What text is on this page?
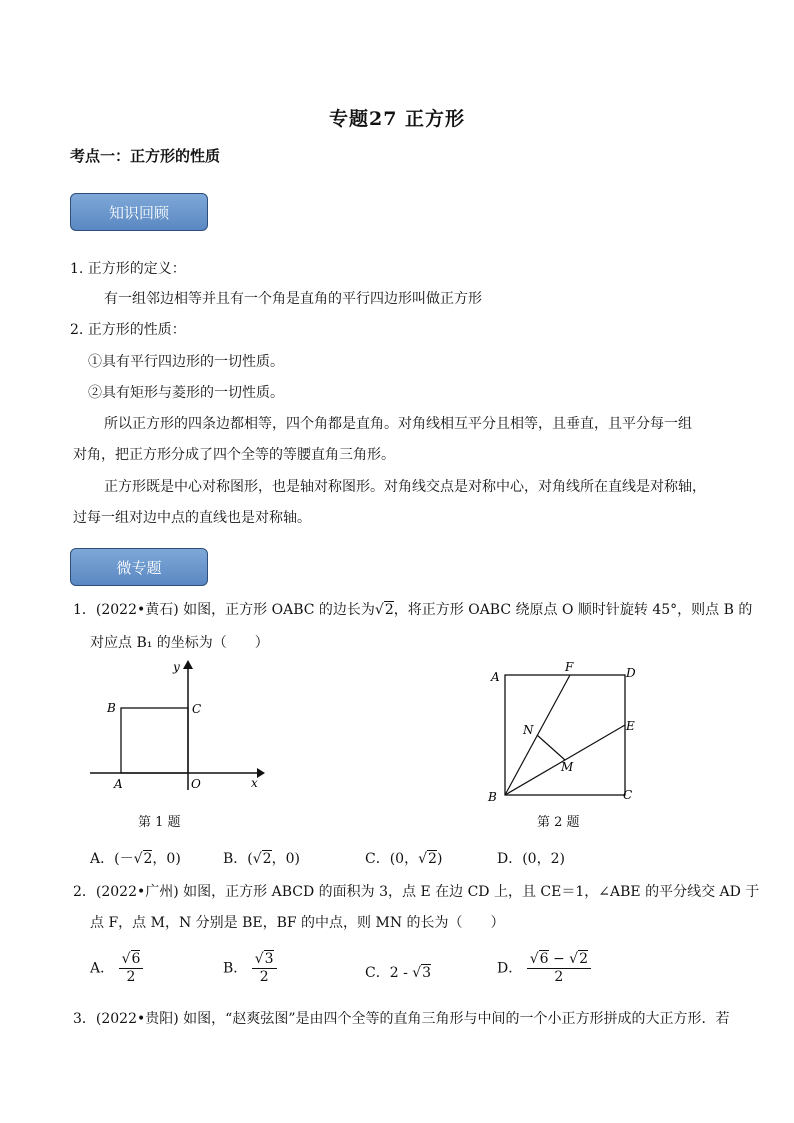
专题27 正方形
考点一：正方形的性质
知识回顾
1. 正方形的定义：
有一组邻边相等并且有一个角是直角的平行四边形叫做正方形
2. 正方形的性质：
①具有平行四边形的一切性质。
②具有矩形与菱形的一切性质。
所以正方形的四条边都相等，四个角都是直角。对角线相互平分且相等，且垂直，且平分每一组
对角，把正方形分成了四个全等的等腰直角三角形。
正方形既是中心对称图形，也是轴对称图形。对角线交点是对称中心，对角线所在直线是对称轴，
过每一组对边中点的直线也是对称轴。
微专题
1．(2022•黄石) 如图，正方形 OABC 的边长为√2，将正方形 OABC 绕原点 O 顺时针旋转 45°，则点 B 的
对应点 B₁ 的坐标为（　　）
B	C
A	O	x
y
第 1 题
A
F	D
E
N
M
B	C
第 2 题
A．(－√2，0)	B．(√2，0)	C．(0，√2)	D．(0，2)
2．(2022•广州) 如图，正方形 ABCD 的面积为 3，点 E 在边 CD 上，且 CE＝1，∠ABE 的平分线交 AD 于
点 F，点 M，N 分别是 BE，BF 的中点，则 MN 的长为（　　）
A． $\frac{√6}{2}$	B． $\frac{√3}{2}$	C．2 - √3	D． $\frac{√6 - √2}{2}$
3．(2022•贵阳) 如图，“赵爽弦图”是由四个全等的直角三角形与中间的一个小正方形拼成的大正方形．若
